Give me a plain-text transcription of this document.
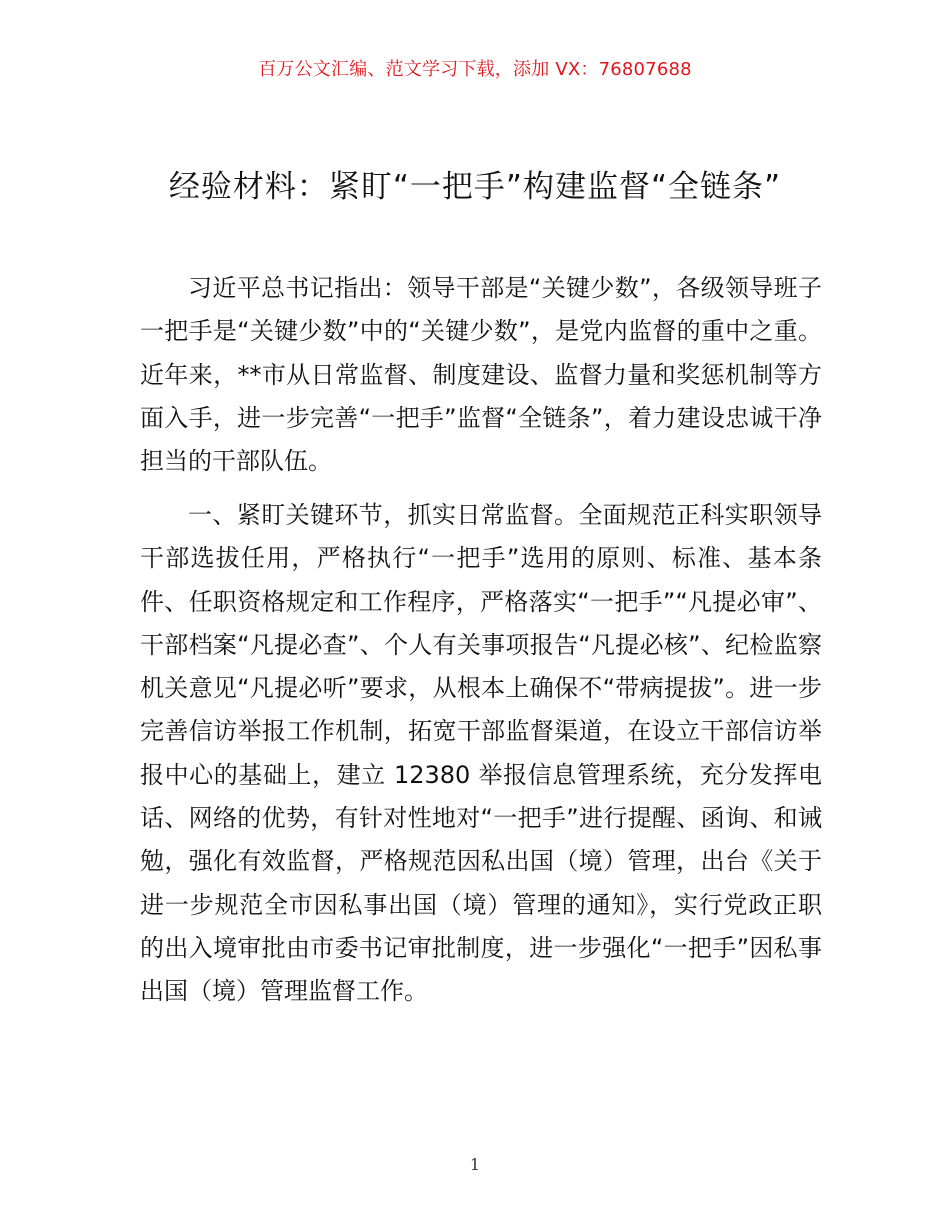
百万公文汇编、范文学习下载，添加 VX：76807688
经验材料：紧盯“一把手”构建监督“全链条”

习近平总书记指出：领导干部是“关键少数”，各级领导班子一把手是“关键少数”中的“关键少数”，是党内监督的重中之重。近年来，**市从日常监督、制度建设、监督力量和奖惩机制等方面入手，进一步完善“一把手”监督“全链条”，着力建设忠诚干净担当的干部队伍。

一、紧盯关键环节，抓实日常监督。全面规范正科实职领导干部选拔任用，严格执行“一把手”选用的原则、标准、基本条件、任职资格规定和工作程序，严格落实“一把手”“凡提必审”、干部档案“凡提必查”、个人有关事项报告“凡提必核”、纪检监察机关意见“凡提必听”要求，从根本上确保不“带病提拔”。进一步完善信访举报工作机制，拓宽干部监督渠道，在设立干部信访举报中心的基础上，建立 12380 举报信息管理系统，充分发挥电话、网络的优势，有针对性地对“一把手”进行提醒、函询、和诫勉，强化有效监督，严格规范因私出国（境）管理，出台《关于进一步规范全市因私事出国（境）管理的通知》，实行党政正职的出入境审批由市委书记审批制度，进一步强化“一把手”因私事出国（境）管理监督工作。

1
